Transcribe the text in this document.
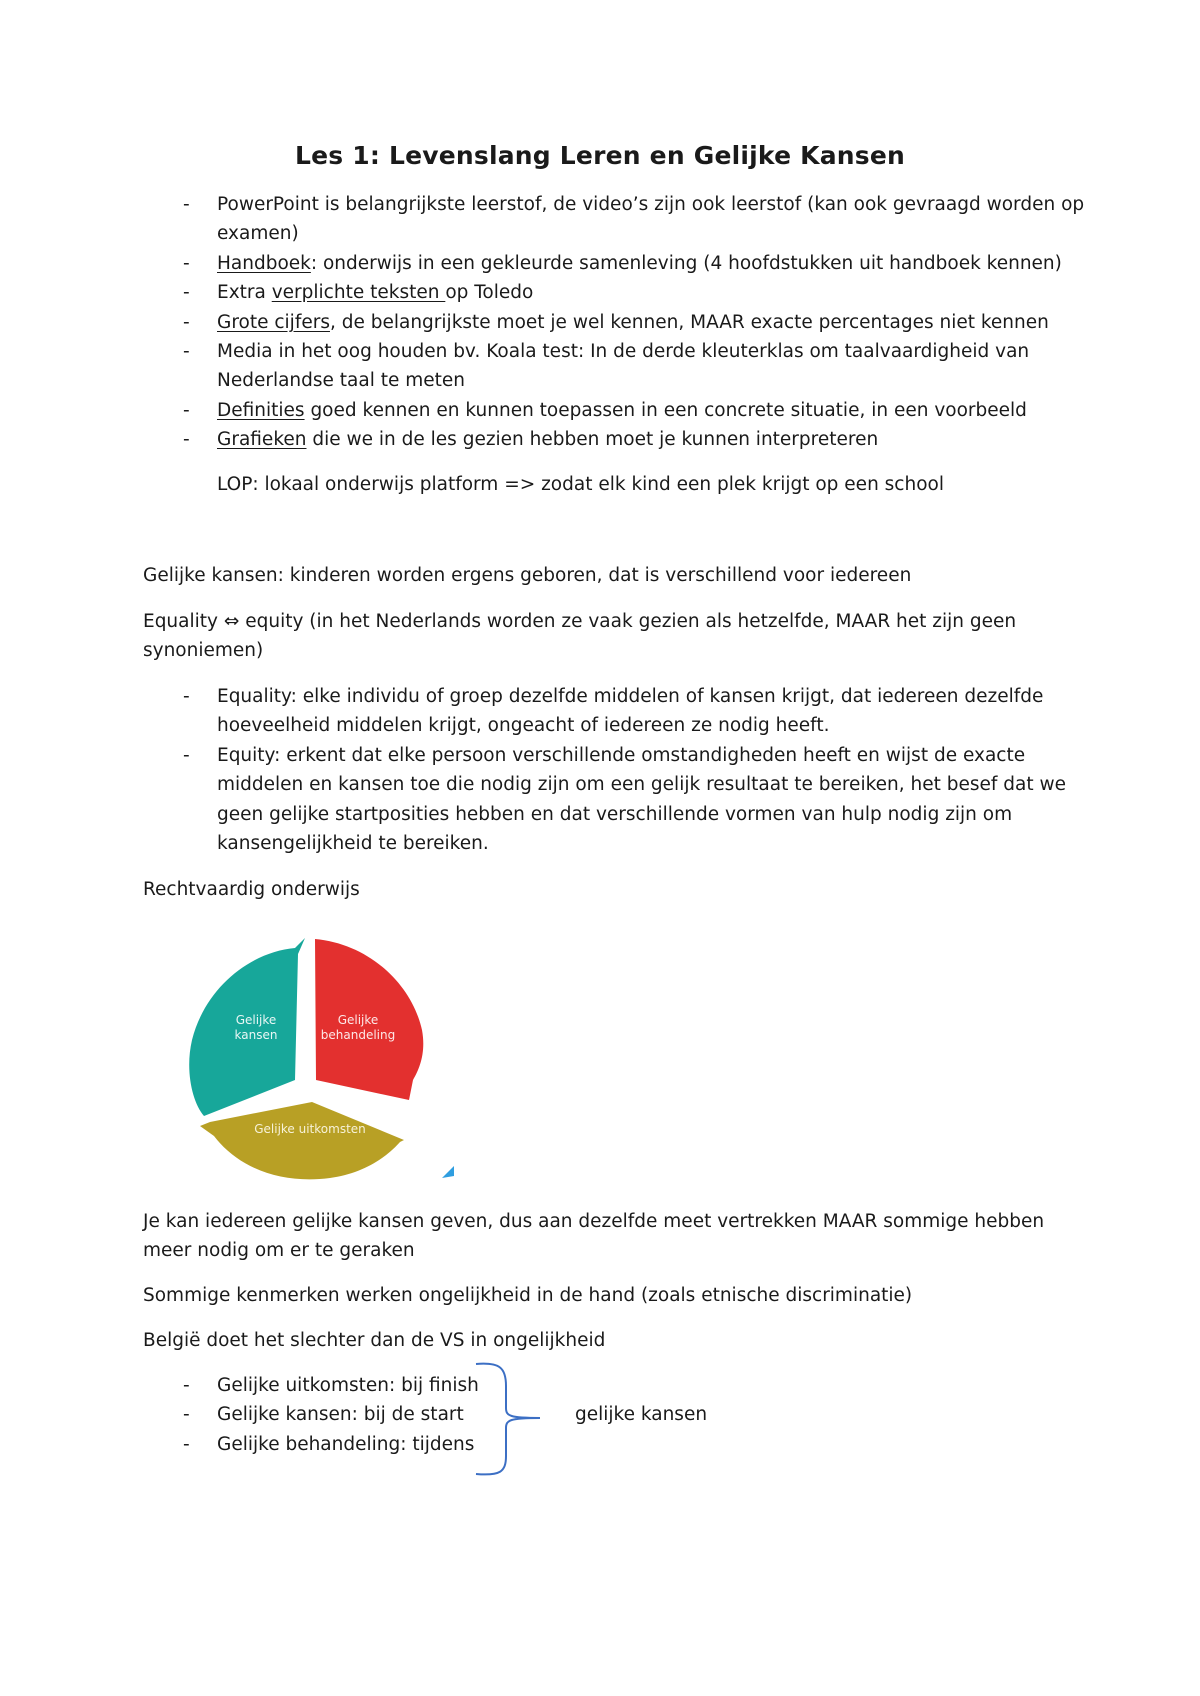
Les 1: Levenslang Leren en Gelijke Kansen
- PowerPoint is belangrijkste leerstof, de video’s zijn ook leerstof (kan ook gevraagd worden op
examen)
- Handboek: onderwijs in een gekleurde samenleving (4 hoofdstukken uit handboek kennen)
- Extra verplichte teksten op Toledo
- Grote cijfers, de belangrijkste moet je wel kennen, MAAR exacte percentages niet kennen
- Media in het oog houden bv. Koala test: In de derde kleuterklas om taalvaardigheid van
Nederlandse taal te meten
- Definities goed kennen en kunnen toepassen in een concrete situatie, in een voorbeeld
- Grafieken die we in de les gezien hebben moet je kunnen interpreteren
LOP: lokaal onderwijs platform => zodat elk kind een plek krijgt op een school
Gelijke kansen: kinderen worden ergens geboren, dat is verschillend voor iedereen
Equality ⇔ equity (in het Nederlands worden ze vaak gezien als hetzelfde, MAAR het zijn geen
synoniemen)
- Equality: elke individu of groep dezelfde middelen of kansen krijgt, dat iedereen dezelfde
hoeveelheid middelen krijgt, ongeacht of iedereen ze nodig heeft.
- Equity: erkent dat elke persoon verschillende omstandigheden heeft en wijst de exacte
middelen en kansen toe die nodig zijn om een gelijk resultaat te bereiken, het besef dat we
geen gelijke startposities hebben en dat verschillende vormen van hulp nodig zijn om
kansengelijkheid te bereiken.
Rechtvaardig onderwijs
Gelijke
kansen
Gelijke
behandeling
Gelijke uitkomsten
Je kan iedereen gelijke kansen geven, dus aan dezelfde meet vertrekken MAAR sommige hebben
meer nodig om er te geraken
Sommige kenmerken werken ongelijkheid in de hand (zoals etnische discriminatie)
België doet het slechter dan de VS in ongelijkheid
- Gelijke uitkomsten: bij finish
- Gelijke kansen: bij de start
- Gelijke behandeling: tijdens
gelijke kansen
